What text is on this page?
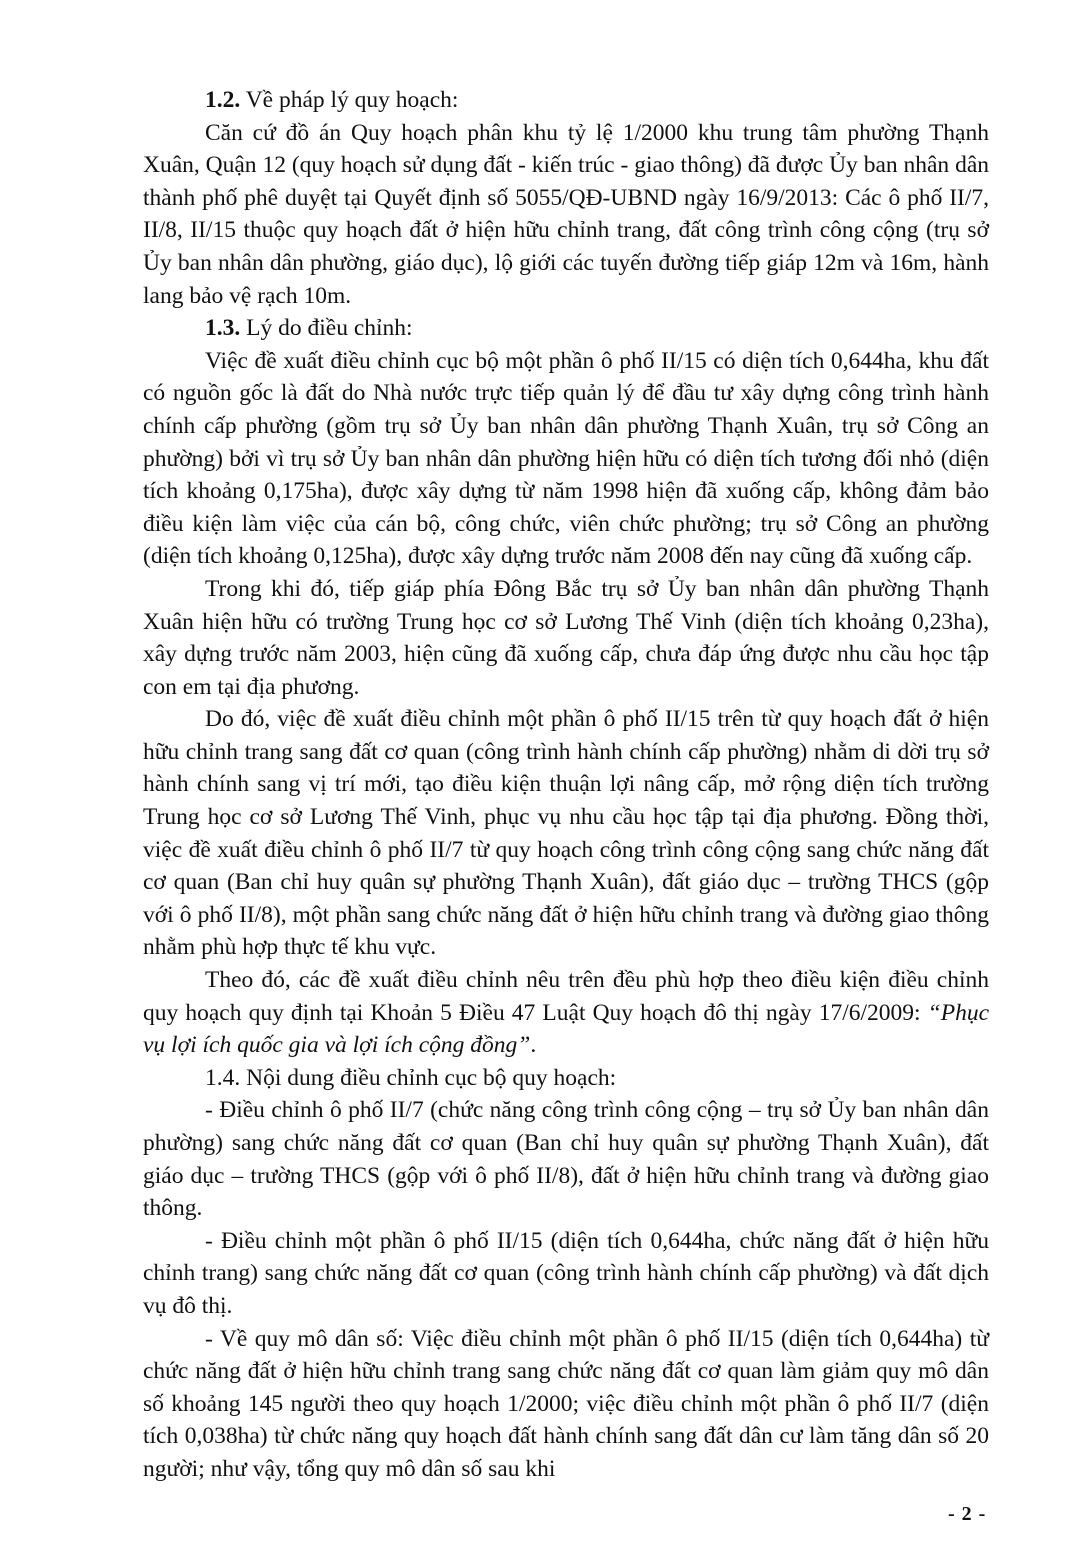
1.2. Về pháp lý quy hoạch:

Căn cứ đồ án Quy hoạch phân khu tỷ lệ 1/2000 khu trung tâm phường Thạnh Xuân, Quận 12 (quy hoạch sử dụng đất - kiến trúc - giao thông) đã được Ủy ban nhân dân thành phố phê duyệt tại Quyết định số 5055/QĐ-UBND ngày 16/9/2013: Các ô phố II/7, II/8, II/15 thuộc quy hoạch đất ở hiện hữu chỉnh trang, đất công trình công cộng (trụ sở Ủy ban nhân dân phường, giáo dục), lộ giới các tuyến đường tiếp giáp 12m và 16m, hành lang bảo vệ rạch 10m.

1.3. Lý do điều chỉnh:

Việc đề xuất điều chỉnh cục bộ một phần ô phố II/15 có diện tích 0,644ha, khu đất có nguồn gốc là đất do Nhà nước trực tiếp quản lý để đầu tư xây dựng công trình hành chính cấp phường (gồm trụ sở Ủy ban nhân dân phường Thạnh Xuân, trụ sở Công an phường) bởi vì trụ sở Ủy ban nhân dân phường hiện hữu có diện tích tương đối nhỏ (diện tích khoảng 0,175ha), được xây dựng từ năm 1998 hiện đã xuống cấp, không đảm bảo điều kiện làm việc của cán bộ, công chức, viên chức phường; trụ sở Công an phường (diện tích khoảng 0,125ha), được xây dựng trước năm 2008 đến nay cũng đã xuống cấp.

Trong khi đó, tiếp giáp phía Đông Bắc trụ sở Ủy ban nhân dân phường Thạnh Xuân hiện hữu có trường Trung học cơ sở Lương Thế Vinh (diện tích khoảng 0,23ha), xây dựng trước năm 2003, hiện cũng đã xuống cấp, chưa đáp ứng được nhu cầu học tập con em tại địa phương.

Do đó, việc đề xuất điều chỉnh một phần ô phố II/15 trên từ quy hoạch đất ở hiện hữu chỉnh trang sang đất cơ quan (công trình hành chính cấp phường) nhằm di dời trụ sở hành chính sang vị trí mới, tạo điều kiện thuận lợi nâng cấp, mở rộng diện tích trường Trung học cơ sở Lương Thế Vinh, phục vụ nhu cầu học tập tại địa phương. Đồng thời, việc đề xuất điều chỉnh ô phố II/7 từ quy hoạch công trình công cộng sang chức năng đất cơ quan (Ban chỉ huy quân sự phường Thạnh Xuân), đất giáo dục – trường THCS (gộp với ô phố II/8), một phần sang chức năng đất ở hiện hữu chỉnh trang và đường giao thông nhằm phù hợp thực tế khu vực.

Theo đó, các đề xuất điều chỉnh nêu trên đều phù hợp theo điều kiện điều chỉnh quy hoạch quy định tại Khoản 5 Điều 47 Luật Quy hoạch đô thị ngày 17/6/2009: “Phục vụ lợi ích quốc gia và lợi ích cộng đồng”.

1.4. Nội dung điều chỉnh cục bộ quy hoạch:

- Điều chỉnh ô phố II/7 (chức năng công trình công cộng – trụ sở Ủy ban nhân dân phường) sang chức năng đất cơ quan (Ban chỉ huy quân sự phường Thạnh Xuân), đất giáo dục – trường THCS (gộp với ô phố II/8), đất ở hiện hữu chỉnh trang và đường giao thông.

- Điều chỉnh một phần ô phố II/15 (diện tích 0,644ha, chức năng đất ở hiện hữu chỉnh trang) sang chức năng đất cơ quan (công trình hành chính cấp phường) và đất dịch vụ đô thị.

- Về quy mô dân số: Việc điều chỉnh một phần ô phố II/15 (diện tích 0,644ha) từ chức năng đất ở hiện hữu chỉnh trang sang chức năng đất cơ quan làm giảm quy mô dân số khoảng 145 người theo quy hoạch 1/2000; việc điều chỉnh một phần ô phố II/7 (diện tích 0,038ha) từ chức năng quy hoạch đất hành chính sang đất dân cư làm tăng dân số 20 người; như vậy, tổng quy mô dân số sau khi

- 2 -
